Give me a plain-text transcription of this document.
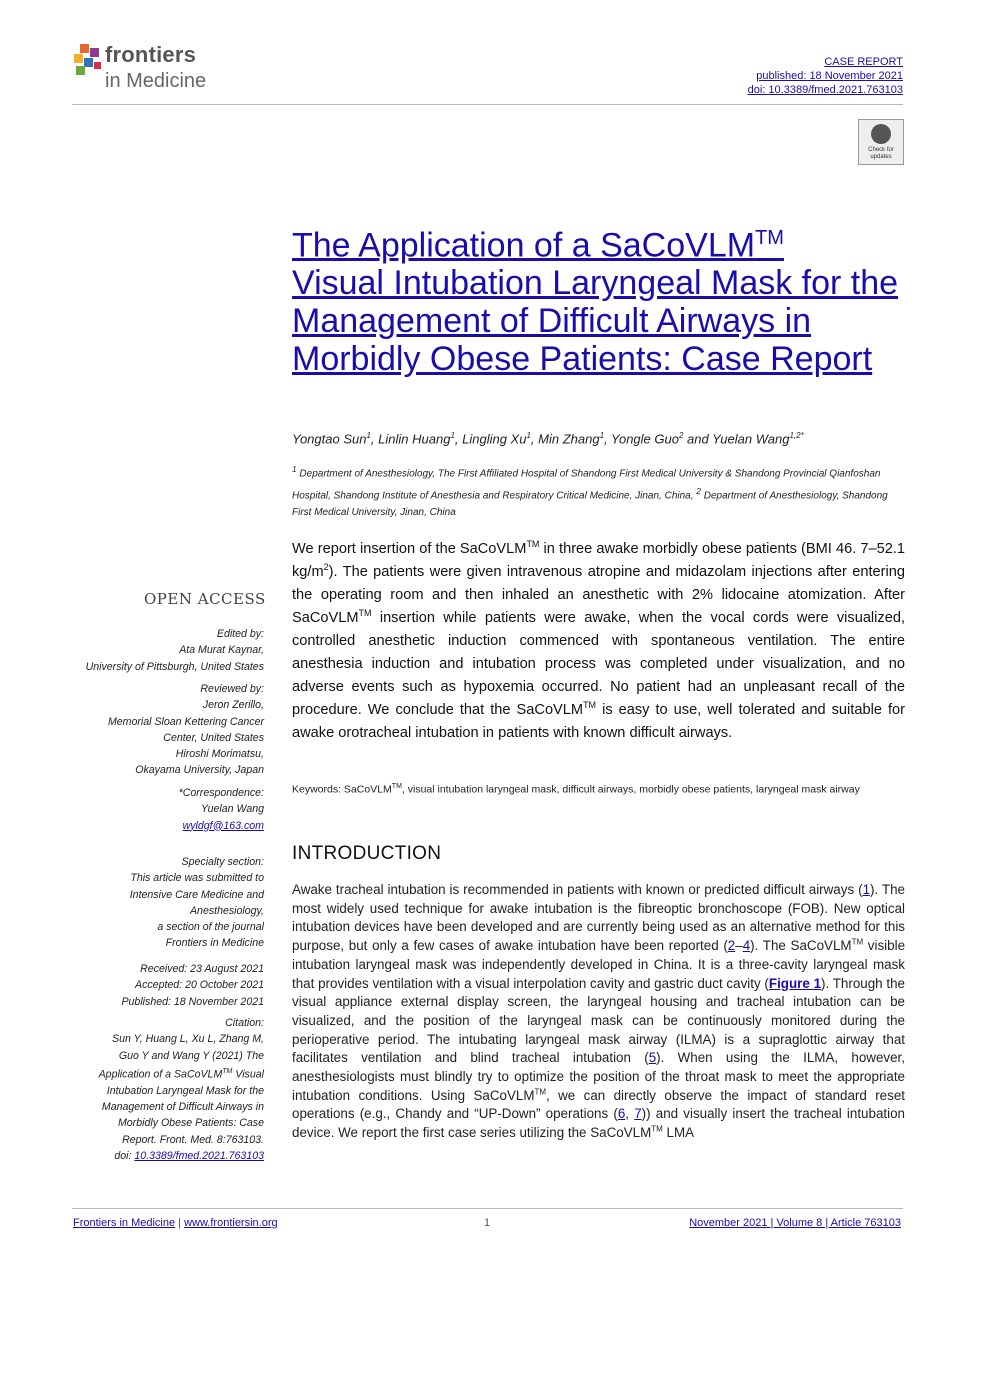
frontiers
in Medicine
CASE REPORT
published: 18 November 2021
doi: 10.3389/fmed.2021.763103
Check for updates
The Application of a SaCoVLM™
Visual Intubation Laryngeal Mask for the Management of Difficult Airways in Morbidly Obese Patients: Case Report
Yongtao Sun$^1$, Linlin Huang$^1$, Lingling Xu$^1$, Min Zhang$^1$, Yongle Guo$^2$ and Yuelan Wang$^{1,2*}$
$^1$ Department of Anesthesiology, The First Affiliated Hospital of Shandong First Medical University & Shandong Provincial Qianfoshan Hospital, Shandong Institute of Anesthesia and Respiratory Critical Medicine, Jinan, China, $^2$ Department of Anesthesiology, Shandong First Medical University, Jinan, China
We report insertion of the SaCoVLM™ in three awake morbidly obese patients (BMI 46. 7–52.1 $kg/m^2$). The patients were given intravenous atropine and midazolam injections after entering the operating room and then inhaled an anesthetic with 2% lidocaine atomization. After SaCoVLM™ insertion while patients were awake, when the vocal cords were visualized, controlled anesthetic induction commenced with spontaneous ventilation. The entire anesthesia induction and intubation process was completed under visualization, and no adverse events such as hypoxemia occurred. No patient had an unpleasant recall of the procedure. We conclude that the SaCoVLM™ is easy to use, well tolerated and suitable for awake orotracheal intubation in patients with known difficult airways.
Keywords: SaCoVLM™, visual intubation laryngeal mask, difficult airways, morbidly obese patients, laryngeal mask airway
INTRODUCTION
Awake tracheal intubation is recommended in patients with known or predicted difficult airways (1). The most widely used technique for awake intubation is the fibreoptic bronchoscope (FOB). New optical intubation devices have been developed and are currently being used as an alternative method for this purpose, but only a few cases of awake intubation have been reported (2–4). The SaCoVLM™ visible intubation laryngeal mask was independently developed in China. It is a three-cavity laryngeal mask that provides ventilation with a visual interpolation cavity and gastric duct cavity (Figure 1). Through the visual appliance external display screen, the laryngeal housing and tracheal intubation can be visualized, and the position of the laryngeal mask can be continuously monitored during the perioperative period. The intubating laryngeal mask airway (ILMA) is a supraglottic airway that facilitates ventilation and blind tracheal intubation (5). When using the ILMA, however, anesthesiologists must blindly try to optimize the position of the throat mask to meet the appropriate intubation conditions. Using SaCoVLM™, we can directly observe the impact of standard reset operations (e.g., Chandy and “UP-Down” operations (6, 7)) and visually insert the tracheal intubation device. We report the first case series utilizing the SaCoVLM™ LMA
OPEN ACCESS
Edited by:
Ata Murat Kaynar,
University of Pittsburgh, United States
Reviewed by:
Jeron Zerillo,
Memorial Sloan Kettering Cancer
Center, United States
Hiroshi Morimatsu,
Okayama University, Japan
*Correspondence:
Yuelan Wang
wyldgf@163.com
Specialty section:
This article was submitted to
Intensive Care Medicine and
Anesthesiology,
a section of the journal
Frontiers in Medicine
Received: 23 August 2021
Accepted: 20 October 2021
Published: 18 November 2021
Citation:
Sun Y, Huang L, Xu L, Zhang M,
Guo Y and Wang Y (2021) The
Application of a SaCoVLM™ Visual
Intubation Laryngeal Mask for the
Management of Difficult Airways in
Morbidly Obese Patients: Case
Report. Front. Med. 8:763103.
doi: 10.3389/fmed.2021.763103
Frontiers in Medicine | www.frontiersin.org	1	November 2021 | Volume 8 | Article 763103
